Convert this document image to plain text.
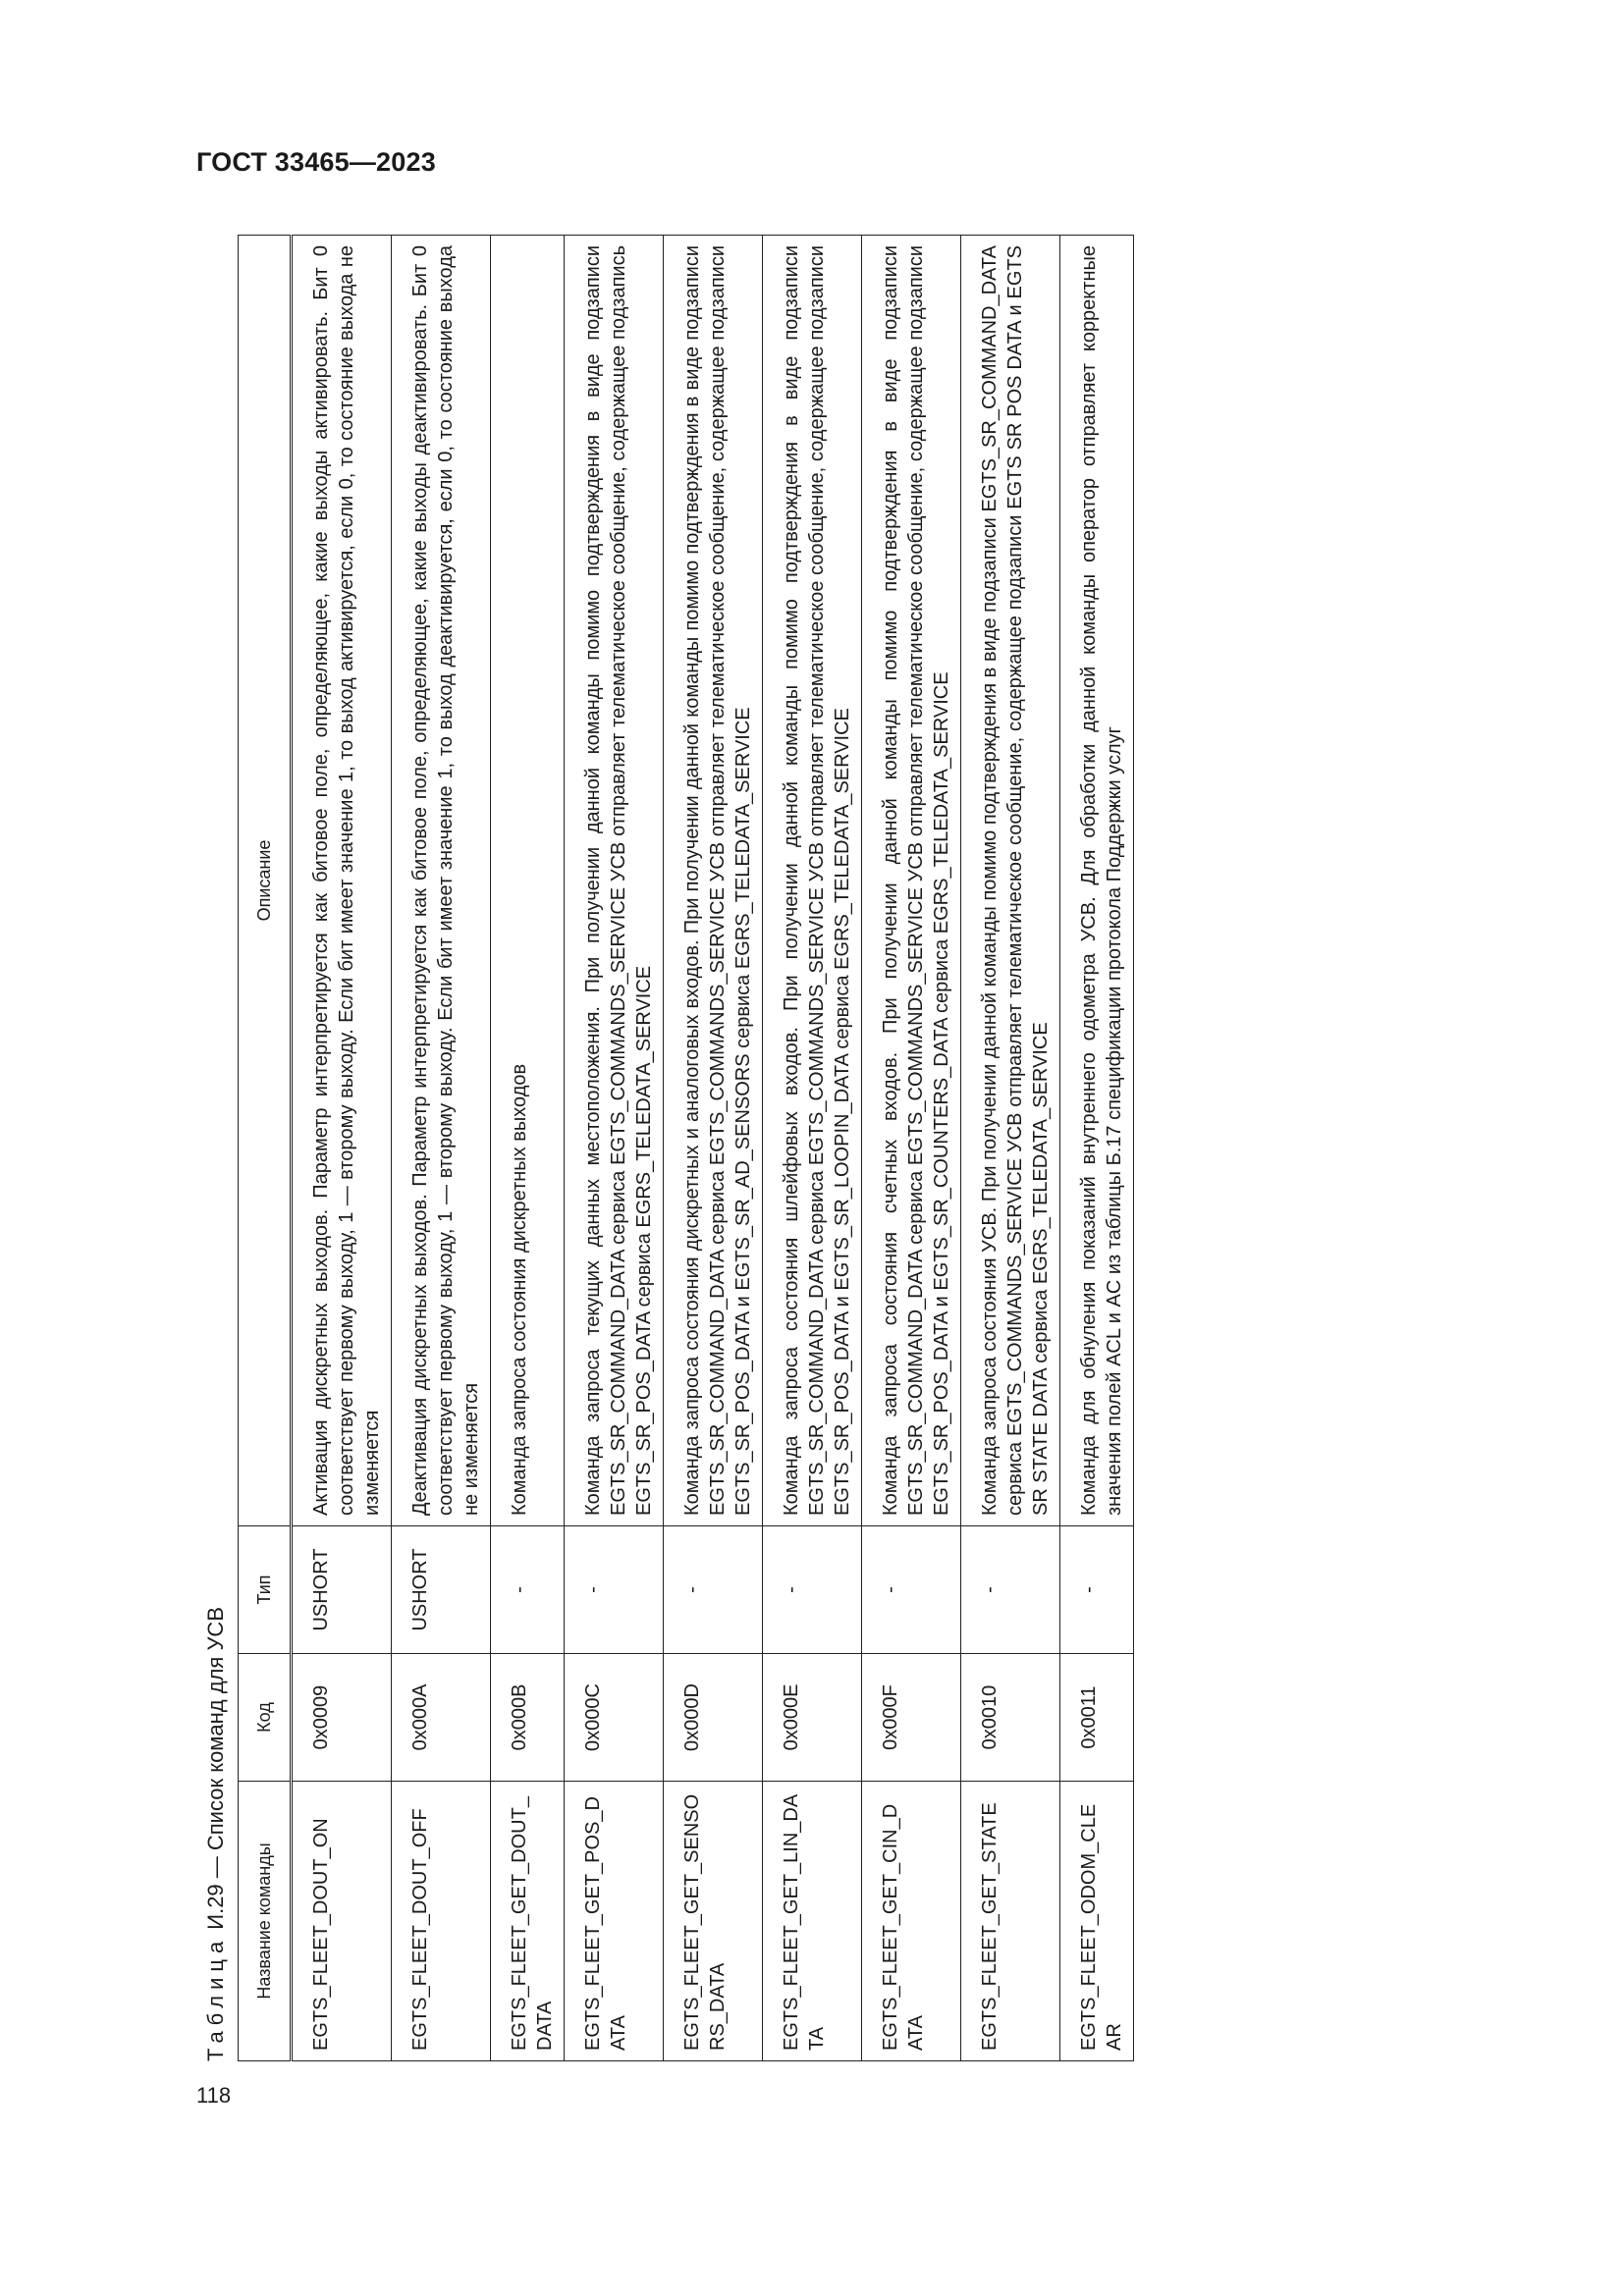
ГОСТ 33465—2023
ТаблицаИ.29 — Список команд для УСВ	Название команды	Код	Тип	Описание
EGTS_FLEET_DOUT_ON	0x0009	USHORT	Активация дискретных выходов. Параметр интерпретируется как битовое поле, определяющее, какие выходы активировать. Бит 0 соответствует первому выходу, 1 — второму выходу. Если бит имеет значение 1, то выход активируется, если 0, то состояние выхода не изменяется
EGTS_FLEET_DOUT_OFF	0x000A	USHORT	Деактивация дискретных выходов. Параметр интерпретируется как битовое поле, определяющее, какие выходы деактивировать. Бит 0 соответствует первому выходу, 1 — второму выходу. Если бит имеет значение 1, то выход деактивируется, если 0, то состояние выхода не изменяется
EGTS_FLEET_GET_DOUT_DATA	0x000B	-	Команда запроса состояния дискретных выходов
EGTS_FLEET_GET_POS_DATA	0x000C	-	Команда запроса текущих данных местоположения. При получении данной команды помимо подтверждения в виде подзаписи EGTS_SR_COMMAND_DATA сервиса EGTS_COMMANDS_SERVICE УСВ отправляет телематическое сообщение, содержащее подзапись EGTS_SR_POS_DATA сервиса EGRS_TELEDATA_SERVICE
EGTS_FLEET_GET_SENSORS_DATA	0x000D	-	Команда запроса состояния дискретных и аналоговых входов. При получении данной команды помимо подтверждения в виде подзаписи EGTS_SR_COMMAND_DATA сервиса EGTS_COMMANDS_SERVICE УСВ отправляет телематическое сообщение, содержащее подзаписи EGTS_SR_POS_DATA и EGTS_SR_AD_SENSORS сервиса EGRS_TELEDATA_SERVICE
EGTS_FLEET_GET_LIN_DATA	0x000E	-	Команда запроса состояния шлейфовых входов. При получении данной команды помимо подтверждения в виде подзаписи EGTS_SR_COMMAND_DATA сервиса EGTS_COMMANDS_SERVICE УСВ отправляет телематическое сообщение, содержащее подзаписи EGTS_SR_POS_DATA и EGTS_SR_LOOPIN_DATA сервиса EGRS_TELEDATA_SERVICE
EGTS_FLEET_GET_CIN_DATA	0x000F	-	Команда запроса состояния счетных входов. При получении данной команды помимо подтверждения в виде подзаписи EGTS_SR_COMMAND_DATA сервиса EGTS_COMMANDS_SERVICE УСВ отправляет телематическое сообщение, содержащее подзаписи EGTS_SR_POS_DATA и EGTS_SR_COUNTERS_DATA сервиса EGRS_TELEDATA_SERVICE
EGTS_FLEET_GET_STATE	0x0010	-	Команда запроса состояния УСВ. При получении данной команды помимо подтверждения в виде подзаписи EGTS_SR_COMMAND_DATA сервиса EGTS_COMMANDS_SERVICE УСВ отправляет телематическое сообщение, содержащее подзаписи EGTS SR POS DATA и EGTS SR STATE DATA сервиса EGRS_TELEDATA_SERVICE
EGTS_FLEET_ODOM_CLEAR	0x0011	-	Команда для обнуления показаний внутреннего одометра УСВ. Для обработки данной команды оператор отправляет корректные значения полей ACL и AC из таблицы Б.17 спецификации протокола Поддержки услуг
118
